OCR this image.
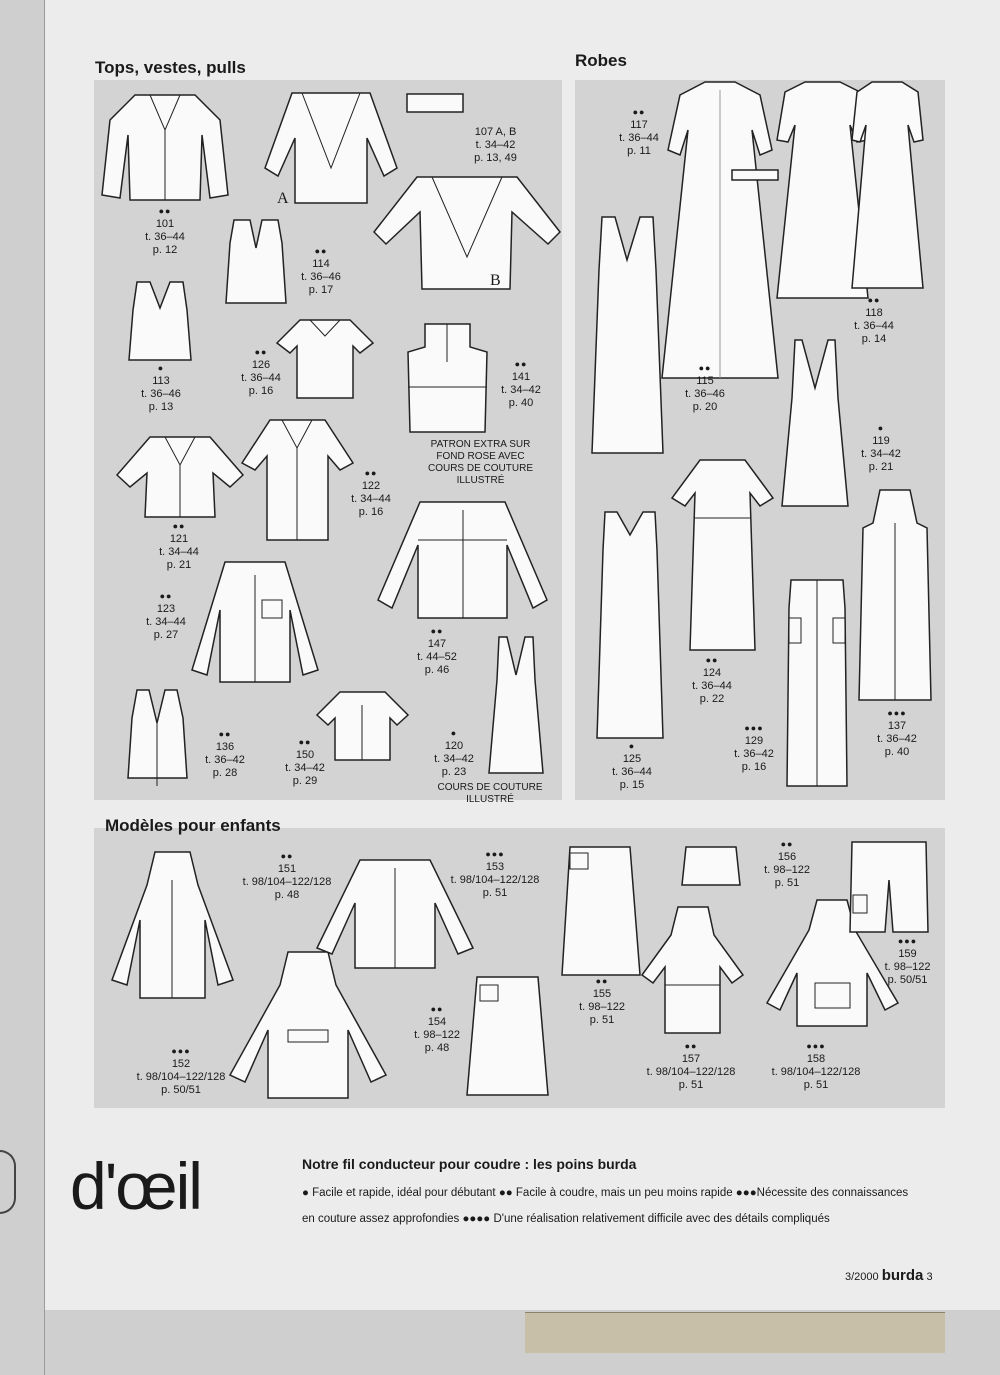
Tops, vestes, pulls	Robes
Modèles pour enfants
A
B
●●
101
t. 36–44
p. 12
107 A, B
t. 34–42
p. 13, 49
●●
114
t. 36–46
p. 17
●
113
t. 36–46
p. 13
●●
126
t. 36–44
p. 16
●●
141
t. 34–42
p. 40
PATRON EXTRA SUR FOND ROSE AVEC COURS DE COUTURE ILLUSTRÉ
●●
121
t. 34–44
p. 21
●●
122
t. 34–44
p. 16
●●
123
t. 34–44
p. 27	●●
147
t. 44–52
p. 46
●●
136
t. 36–42
p. 28
●●
150
t. 34–42
p. 29
●
120
t. 34–42
p. 23
COURS DE COUTURE ILLUSTRÉ
●●
117
t. 36–44
p. 11
●●
118
t. 36–44
p. 14
●●
115
t. 36–46
p. 20
●
119
t. 34–42
p. 21
●●
124
t. 36–44
p. 22
●●●
129
t. 36–42
p. 16
●●●
137
t. 36–42
p. 40
●
125
t. 36–44
p. 15
●●
151
t. 98/104–122/128
p. 48
●●●
153
t. 98/104–122/128
p. 51
●●
156
t. 98–122
p. 51
●●●
159
t. 98–122
p. 50/51
●●
155
t. 98–122
p. 51
●●
154
t. 98–122
p. 48
●●●
152
t. 98/104–122/128
p. 50/51
●●
157
t. 98/104–122/128
p. 51
●●●
158
t. 98/104–122/128
p. 51
d'œil	Notre fil conducteur pour coudre : les poins burda
● Facile et rapide, idéal pour débutant ●● Facile à coudre, mais un peu moins rapide ●●●Nécessite des connaissances
en couture assez approfondies ●●●● D'une réalisation relativement difficile avec des détails compliqués
3/2000 burda 3
